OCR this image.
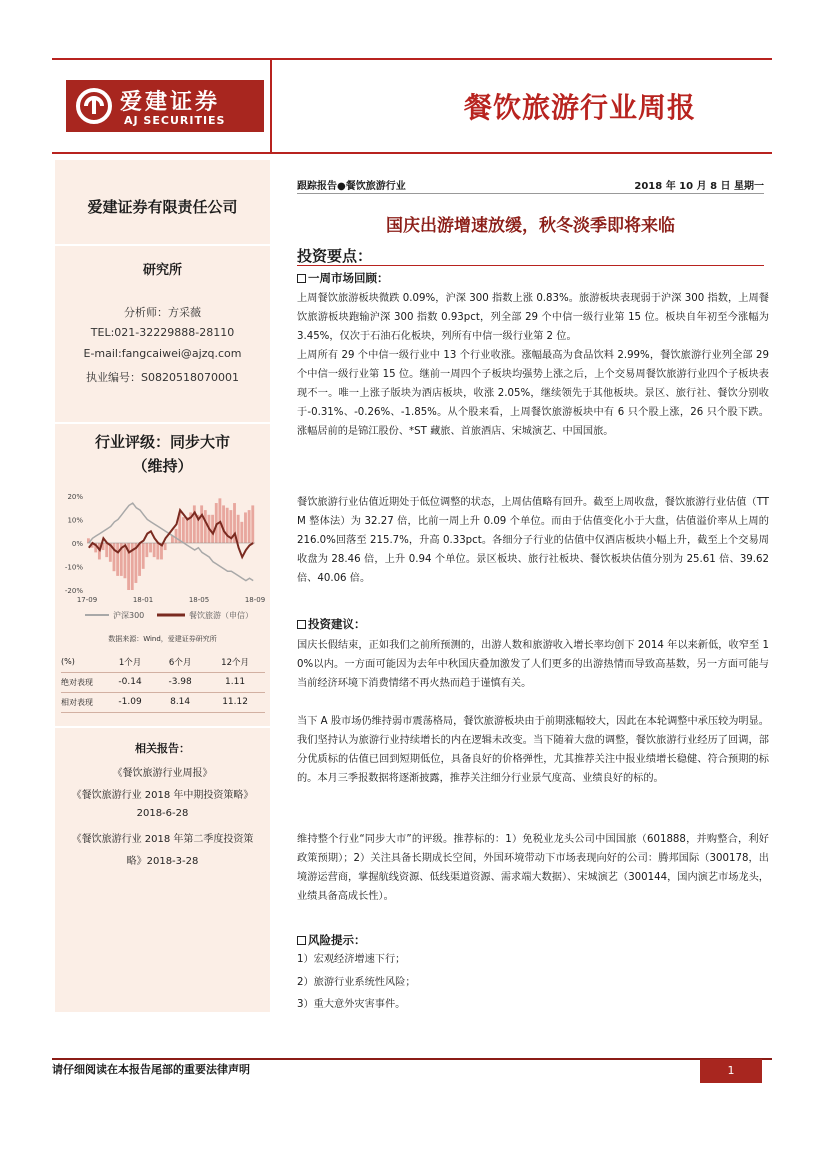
爱建证券
AJ SECURITIES	餐饮旅游行业周报
爱建证券有限责任公司
研究所
分析师：方采薇
TEL:021-32229888-28110
E-mail:fangcaiwei@ajzq.com
执业编号：S0820518070001
行业评级：同步大市
（维持）
20%
10%
0%
-10%
-20%
17-09	18-01	18-05	18-09
沪深300	餐饮旅游（申信）
数据来源：Wind，爱建证券研究所
(%)	1个月	6个月	12个月
绝对表现	-0.14	-3.98	1.11
相对表现	-1.09	8.14	11.12
相关报告：
《餐饮旅游行业周报》
《餐饮旅游行业 2018 年中期投资策略》
2018-6-28
《餐饮旅游行业 2018 年第二季度投资策
略》2018-3-28
跟踪报告●餐饮旅游行业	2018 年 10 月 8 日 星期一
国庆出游增速放缓，秋冬淡季即将来临
投资要点：
一周市场回顾：
上周餐饮旅游板块微跌 0.09%，沪深 300 指数上涨 0.83%。旅游板块表现弱于沪深 300 指数，上周餐饮旅游板块跑输沪深 300 指数 0.93pct，列全部 29 个中信一级行业第 15 位。板块自年初至今涨幅为 3.45%，仅次于石油石化板块，列所有中信一级行业第 2 位。
上周所有 29 个中信一级行业中 13 个行业收涨。涨幅最高为食品饮料 2.99%，餐饮旅游行业列全部 29 个中信一级行业第 15 位。继前一周四个子板块均强势上涨之后，上个交易周餐饮旅游行业四个子板块表现不一。唯一上涨子版块为酒店板块，收涨 2.05%，继续领先于其他板块。景区、旅行社、餐饮分别收于-0.31%、-0.26%、-1.85%。从个股来看，上周餐饮旅游板块中有 6 只个股上涨，26 只个股下跌。涨幅居前的是锦江股份、*ST 藏旅、首旅酒店、宋城演艺、中国国旅。
餐饮旅游行业估值近期处于低位调整的状态，上周估值略有回升。截至上周收盘，餐饮旅游行业估值（TTM 整体法）为 32.27 倍，比前一周上升 0.09 个单位。而由于估值变化小于大盘，估值溢价率从上周的 216.0%回落至 215.7%，升高 0.33pct。各细分子行业的估值中仅酒店板块小幅上升，截至上个交易周收盘为 28.46 倍，上升 0.94 个单位。景区板块、旅行社板块、餐饮板块估值分别为 25.61 倍、39.62 倍、40.06 倍。
投资建议：
国庆长假结束，正如我们之前所预测的，出游人数和旅游收入增长率均创下 2014 年以来新低，收窄至 10%以内。一方面可能因为去年中秋国庆叠加激发了人们更多的出游热情而导致高基数，另一方面可能与当前经济环境下消费情绪不再火热而趋于谨慎有关。
当下 A 股市场仍维持弱市震荡格局，餐饮旅游板块由于前期涨幅较大，因此在本轮调整中承压较为明显。我们坚持认为旅游行业持续增长的内在逻辑未改变。当下随着大盘的调整，餐饮旅游行业经历了回调，部分优质标的估值已回到短期低位，具备良好的价格弹性，尤其推荐关注中报业绩增长稳健、符合预期的标的。本月三季报数据将逐渐披露，推荐关注细分行业景气度高、业绩良好的标的。
维持整个行业“同步大市”的评级。推荐标的：1）免税业龙头公司中国国旅（601888，并购整合，利好政策预期）；2）关注具备长期成长空间，外国环境带动下市场表现向好的公司：腾邦国际（300178，出境游运营商，掌握航线资源、低线渠道资源、需求端大数据）、宋城演艺（300144，国内演艺市场龙头，业绩具备高成长性）。
风险提示：
1）宏观经济增速下行；
2）旅游行业系统性风险；
3）重大意外灾害事件。
请仔细阅读在本报告尾部的重要法律声明	1
